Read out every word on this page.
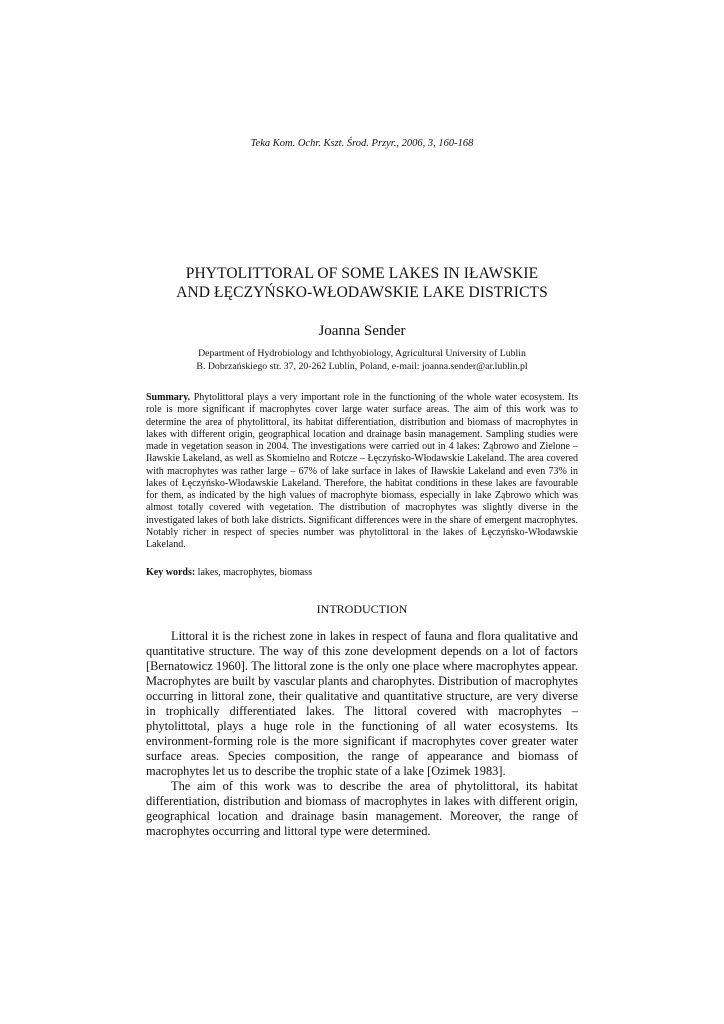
Teka Kom. Ochr. Kszt. Środ. Przyr., 2006, 3, 160-168
PHYTOLITTORAL OF SOME LAKES IN IŁAWSKIE
AND ŁĘCZYŃSKO-WŁODAWSKIE LAKE DISTRICTS
Joanna Sender
Department of Hydrobiology and Ichthyobiology, Agricultural University of Lublin
B. Dobrzańskiego str. 37, 20-262 Lublin, Poland, e-mail: joanna.sender@ar.lublin.pl
Summary. Phytolittoral plays a very important role in the functioning of the whole water ecosystem. Its role is more significant if macrophytes cover large water surface areas. The aim of this work was to determine the area of phytolittoral, its habitat differentiation, distribution and biomass of macrophytes in lakes with different origin, geographical location and drainage basin management. Sampling studies were made in vegetation season in 2004. The investigations were carried out in 4 lakes: Ząbrowo and Zielone – Iławskie Lakeland, as well as Skomielno and Rotcze – Łęczyńsko-Włodawskie Lakeland. The area covered with macrophytes was rather large – 67% of lake surface in lakes of Iławskie Lakeland and even 73% in lakes of Łęczyńsko-Włodawskie Lakeland. Therefore, the habitat conditions in these lakes are favourable for them, as indicated by the high values of macrophyte biomass, especially in lake Ząbrowo which was almost totally covered with vegetation. The distribution of macrophytes was slightly diverse in the investigated lakes of both lake districts. Significant differences were in the share of emergent macrophytes. Notably richer in respect of species number was phytolittoral in the lakes of Łęczyńsko-Włodawskie Lakeland.
Key words: lakes, macrophytes, biomass
INTRODUCTION

Littoral it is the richest zone in lakes in respect of fauna and flora qualitative and quantitative structure. The way of this zone development depends on a lot of factors [Bernatowicz 1960]. The littoral zone is the only one place where macrophytes appear. Macrophytes are built by vascular plants and charophytes. Distribution of macrophytes occurring in littoral zone, their qualitative and quantitative structure, are very diverse in trophically differentiated lakes. The littoral covered with macrophytes – phytolittotal, plays a huge role in the functioning of all water ecosystems. Its environment-forming role is the more significant if macrophytes cover greater water surface areas. Species composition, the range of appearance and biomass of macrophytes let us to describe the trophic state of a lake [Ozimek 1983].

The aim of this work was to describe the area of phytolittoral, its habitat differentiation, distribution and biomass of macrophytes in lakes with different origin, geographical location and drainage basin management. Moreover, the range of macrophytes occurring and littoral type were determined.
